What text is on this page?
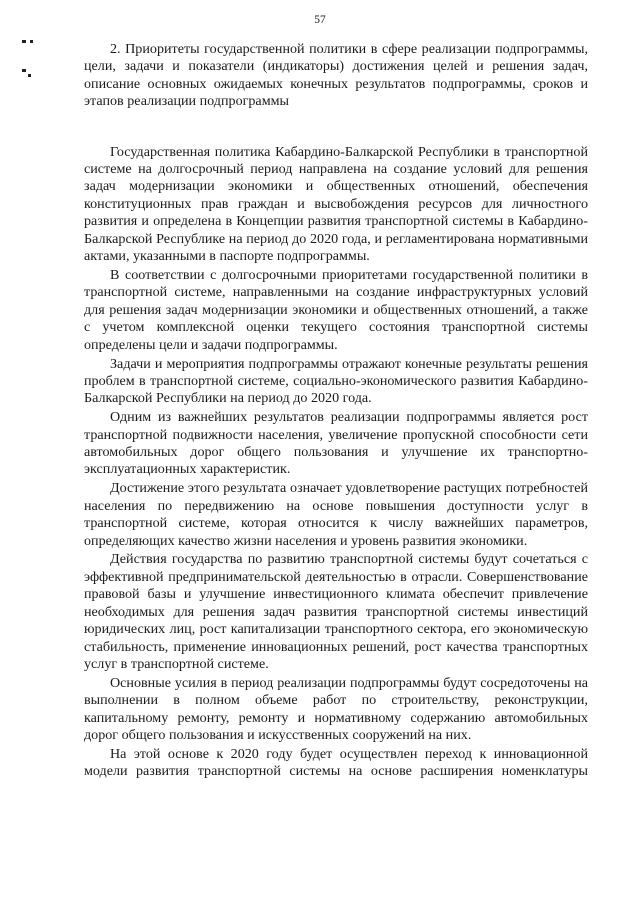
57

2. Приоритеты государственной политики в сфере реализации подпрограммы, цели, задачи и показатели (индикаторы) достижения целей и решения задач, описание основных ожидаемых конечных результатов подпрограммы, сроков и этапов реализации подпрограммы

Государственная политика Кабардино-Балкарской Республики в транспортной системе на долгосрочный период направлена на создание условий для решения задач модернизации экономики и общественных отношений, обеспечения конституционных прав граждан и высвобождения ресурсов для личностного развития и определена в Концепции развития транспортной системы в Кабардино-Балкарской Республике на период до 2020 года, и регламентирована нормативными актами, указанными в паспорте подпрограммы.

В соответствии с долгосрочными приоритетами государственной политики в транспортной системе, направленными на создание инфраструктурных условий для решения задач модернизации экономики и общественных отношений, а также с учетом комплексной оценки текущего состояния транспортной системы определены цели и задачи подпрограммы.

Задачи и мероприятия подпрограммы отражают конечные результаты решения проблем в транспортной системе, социально-экономического развития Кабардино-Балкарской Республики на период до 2020 года.

Одним из важнейших результатов реализации подпрограммы является рост транспортной подвижности населения, увеличение пропускной способности сети автомобильных дорог общего пользования и улучшение их транспортно-эксплуатационных характеристик.

Достижение этого результата означает удовлетворение растущих потребностей населения по передвижению на основе повышения доступности услуг в транспортной системе, которая относится к числу важнейших параметров, определяющих качество жизни населения и уровень развития экономики.

Действия государства по развитию транспортной системы будут сочетаться с эффективной предпринимательской деятельностью в отрасли. Совершенствование правовой базы и улучшение инвестиционного климата обеспечит привлечение необходимых для решения задач развития транспортной системы инвестиций юридических лиц, рост капитализации транспортного сектора, его экономическую стабильность, применение инновационных решений, рост качества транспортных услуг в транспортной системе.

Основные усилия в период реализации подпрограммы будут сосредоточены на выполнении в полном объеме работ по строительству, реконструкции, капитальному ремонту, ремонту и нормативному содержанию автомобильных дорог общего пользования и искусственных сооружений на них.

На этой основе к 2020 году будет осуществлен переход к инновационной модели развития транспортной системы на основе расширения номенклатуры
